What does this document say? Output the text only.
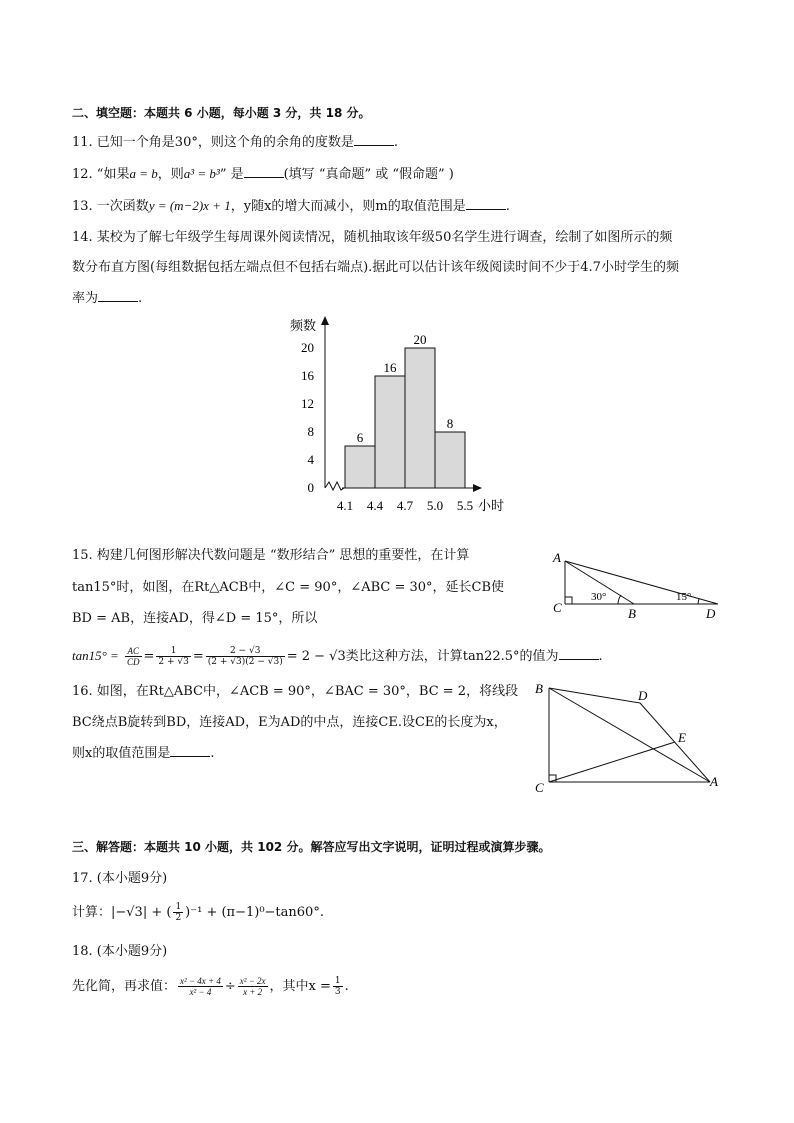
二、填空题：本题共 6 小题，每小题 3 分，共 18 分。
11. 已知一个角是30°，则这个角的余角的度数是	.
12. “如果a = b，则a³ = b³” 是	(填写 “真命题” 或 “假命题” )
13. 一次函数y = (m−2)x + 1，y随x的增大而减小，则m的取值范围是	.
14. 某校为了解七年级学生每周课外阅读情况，随机抽取该年级50名学生进行调查，绘制了如图所示的频
数分布直方图(每组数据包括左端点但不包括右端点).据此可以估计该年级阅读时间不少于4.7小时学生的频
率为	.
频数
小时
6
16
20
8
0
4
8
12
16
20
4.1 4.4 4.7 5.0 5.5
15. 构建几何图形解决代数问题是 “数形结合” 思想的重要性，在计算
tan15°时，如图，在Rt△ACB中，∠C = 90°，∠ABC = 30°，延长CB使
BD = AB，连接AD，得∠D = 15°，所以
$\tan 15^\circ = \frac{AC}{CD} = \frac{1}{2 + √3} = \frac{2 - √3}{(2 + √3)(2 - √3)} = 2 - √3$类比这种方法，计算tan22.5°的值为	.
A
C	B	D
30°	15°
16. 如图，在Rt△ABC中，∠ACB = 90°，∠BAC = 30°，BC = 2，将线段
BC绕点B旋转到BD，连接AD，E为AD的中点，连接CE.设CE的长度为x，
则x的取值范围是	.
B	D
E
C	A
三、解答题：本题共 10 小题，共 102 分。解答应写出文字说明，证明过程或演算步骤。
17. (本小题9分)
计算：|−√3| + ( $\frac{1}{2} )^{-1} + (\pi-1)^0-\tan 60^\circ$.
18. (本小题9分)
先化简，再求值： $\frac{\text{x² − 4x + 4}}{\text{x² − 4}} \div \frac{\text{x² − 2x}}{x + 2}$ ，其中$x = \frac{1}{3}$ .
